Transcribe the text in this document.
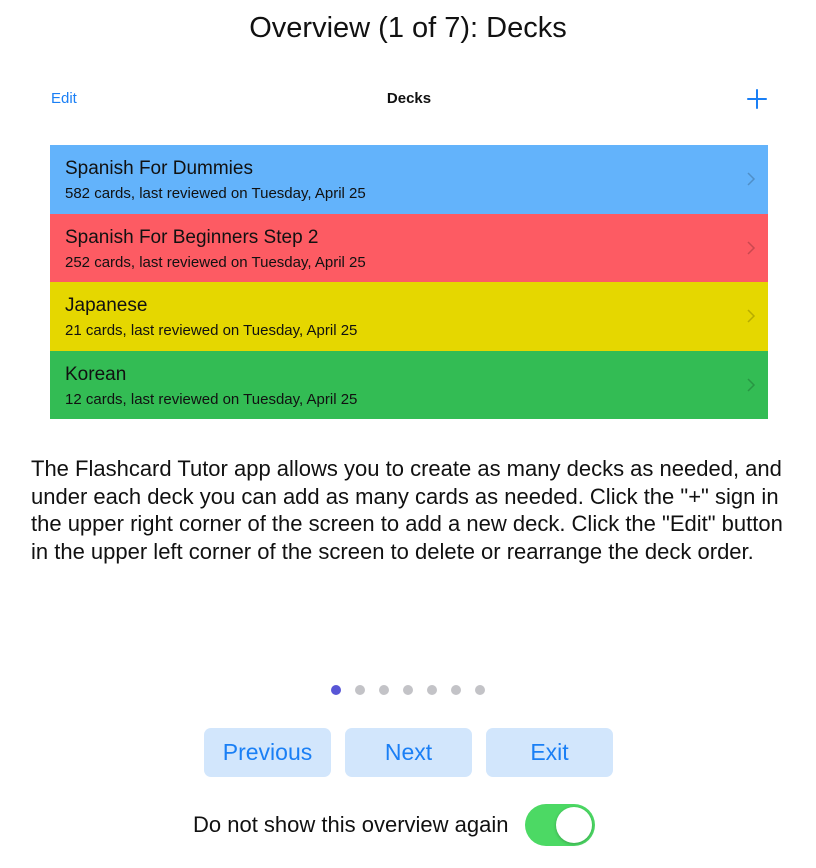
Overview (1 of 7): Decks
Edit	Decks
Spanish For Dummies
582 cards, last reviewed on Tuesday, April 25
Spanish For Beginners Step 2
252 cards, last reviewed on Tuesday, April 25
Japanese
21 cards, last reviewed on Tuesday, April 25
Korean
12 cards, last reviewed on Tuesday, April 25
The Flashcard Tutor app allows you to create as many decks as needed, and under each deck you can add as many cards as needed. Click the "+" sign in the upper right corner of the screen to add a new deck. Click the "Edit" button in the upper left corner of the screen to delete or rearrange the deck order.
Previous	Next	Exit
Do not show this overview again
